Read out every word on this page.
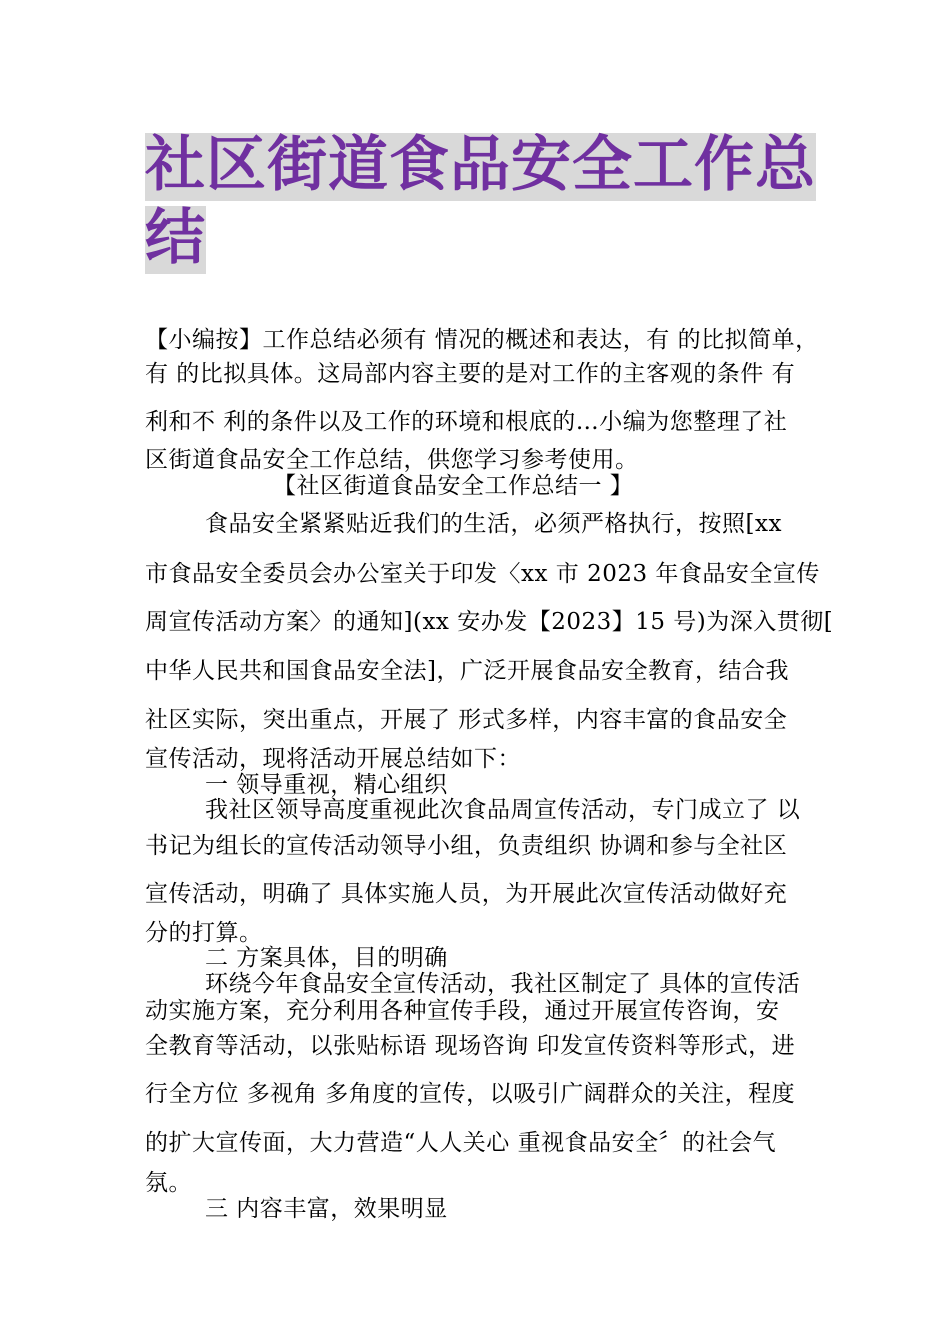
社区街道食品安全工作总
结
【小编按】工作总结必须有 情况的概述和表达，有 的比拟简单，
有 的比拟具体。这局部内容主要的是对工作的主客观的条件 有
利和不 利的条件以及工作的环境和根底的…小编为您整理了社
区街道食品安全工作总结，供您学习参考使用。
【社区街道食品安全工作总结一 】
食品安全紧紧贴近我们的生活，必须严格执行，按照[xx
市食品安全委员会办公室关于印发〈xx 市 2023 年食品安全宣传
周宣传活动方案〉的通知](xx 安办发【2023】15 号)为深入贯彻[
中华人民共和国食品安全法]，广泛开展食品安全教育，结合我
社区实际，突出重点，开展了 形式多样，内容丰富的食品安全
宣传活动，现将活动开展总结如下：
一 领导重视，精心组织
我社区领导高度重视此次食品周宣传活动，专门成立了 以
书记为组长的宣传活动领导小组，负责组织 协调和参与全社区
宣传活动，明确了 具体实施人员，为开展此次宣传活动做好充
分的打算。
二 方案具体，目的明确
环绕今年食品安全宣传活动，我社区制定了 具体的宣传活
动实施方案，充分利用各种宣传手段，通过开展宣传咨询，安
全教育等活动，以张贴标语 现场咨询 印发宣传资料等形式，进
行全方位 多视角 多角度的宣传，以吸引广阔群众的关注，程度
的扩大宣传面，大力营造“人人关心 重视食品安全〞的社会气
氛。
三 内容丰富，效果明显
